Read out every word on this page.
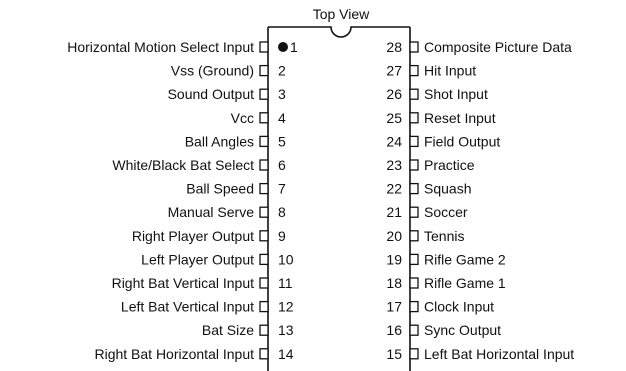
Top View
Horizontal Motion Select Input	1
Vss (Ground) 2
Sound Output 3
Vcc 4
Ball Angles 5
White/Black Bat Select 6
Ball Speed 7
Manual Serve 8
Right Player Output 9
Left Player Output 10
Right Bat Vertical Input 11
Left Bat Vertical Input 12
Bat Size 13
Right Bat Horizontal Input 14
28 Composite Picture Data
27 Hit Input
26 Shot Input
25 Reset Input
24 Field Output
23 Practice
22 Squash
21 Soccer
20 Tennis
19 Rifle Game 2
18 Rifle Game 1
17 Clock Input
16 Sync Output
15 Left Bat Horizontal Input
